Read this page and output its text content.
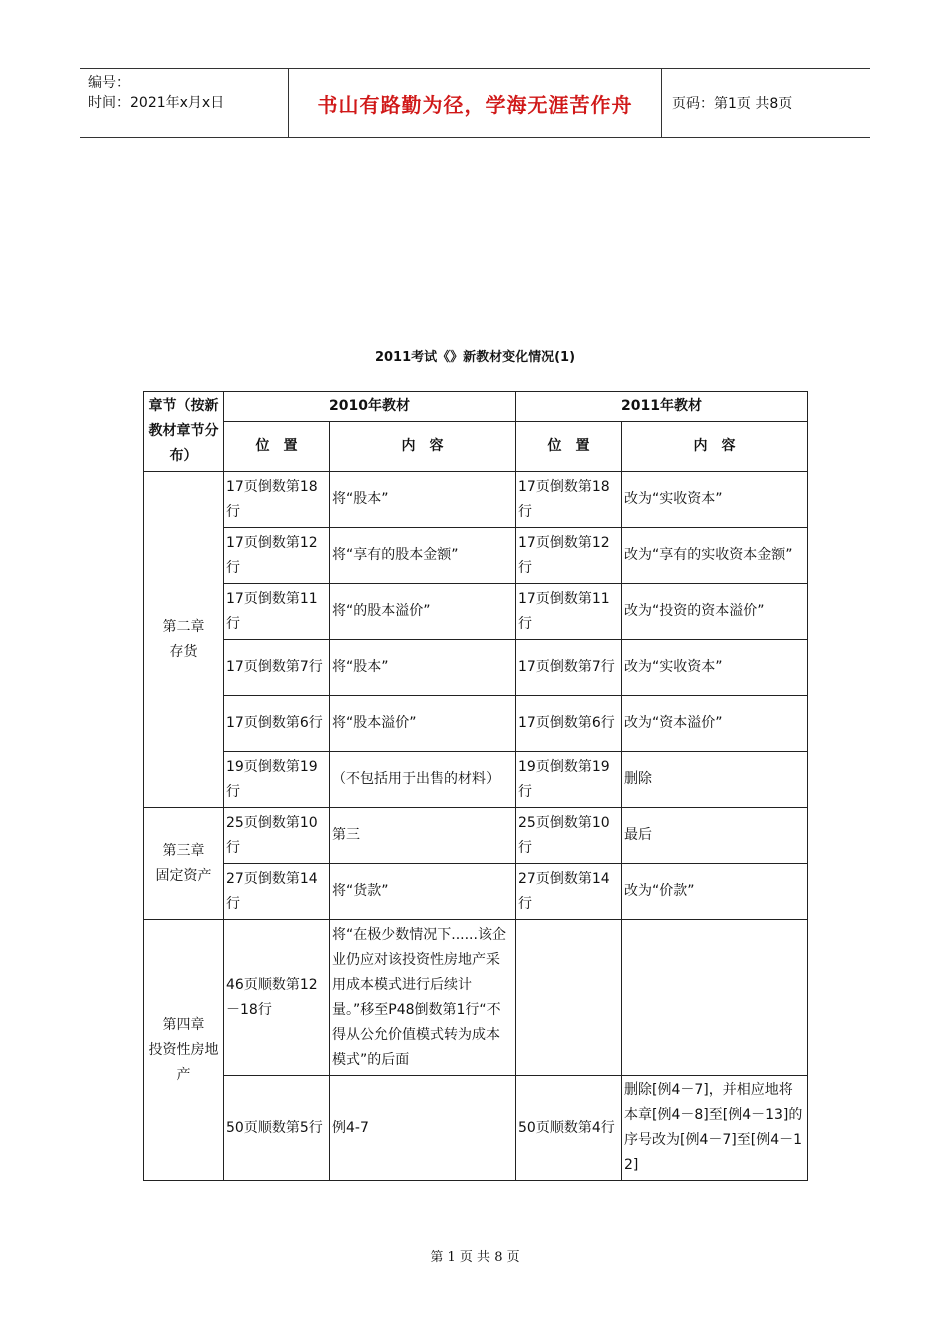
编号：
时间：2021年x月x日	书山有路勤为径，学海无涯苦作舟	页码：第1页 共8页
2011考试《》新教材变化情况(1)
章节（按新教材章节分布）	2010年教材		2011年教材	
	位　置	内　容	位　置	内　容
第二章
存货	17页倒数第18行	将“股本”	17页倒数第18行	改为“实收资本”
	17页倒数第12行	将“享有的股本金额”	17页倒数第12行	改为“享有的实收资本金额”
	17页倒数第11行	将“的股本溢价”	17页倒数第11行	改为“投资的资本溢价”
	17页倒数第7行	将“股本”	17页倒数第7行	改为“实收资本”
	17页倒数第6行	将“股本溢价”	17页倒数第6行	改为“资本溢价”
	19页倒数第19行	（不包括用于出售的材料）	19页倒数第19行	删除
第三章
固定资产	25页倒数第10行	第三	25页倒数第10行	最后
	27页倒数第14行	将“货款”	27页倒数第14行	改为“价款”
第四章
投资性房地产	46页顺数第12－18行	将“在极少数情况下......该企业仍应对该投资性房地产采用成本模式进行后续计量。”移至P48倒数第1行“不得从公允价值模式转为成本模式”的后面		
	50页顺数第5行	例4-7	50页顺数第4行	删除[例4－7]，并相应地将本章[例4－8]至[例4－13]的序号改为[例4－7]至[例4－12]
第 1 页 共 8 页
